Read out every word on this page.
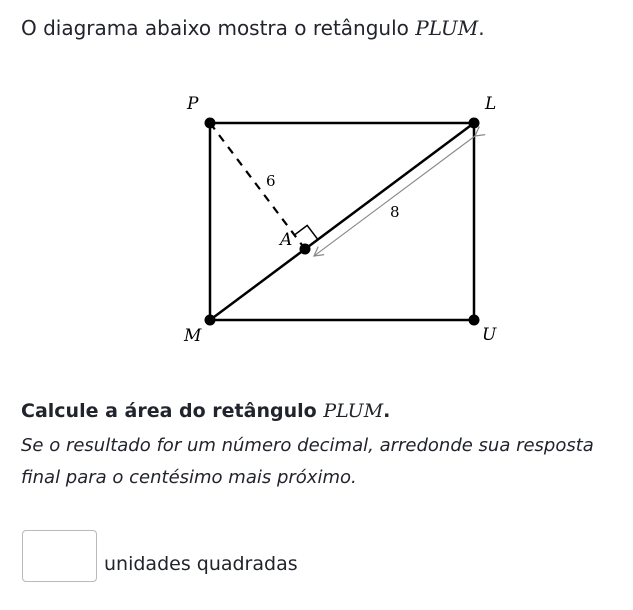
O diagrama abaixo mostra o retângulo PLUM.
P	L
U
M
A
6
8
Calcule a área do retângulo PLUM.
Se o resultado for um número decimal, arredonde sua resposta final para o centésimo mais próximo.
unidades quadradas
